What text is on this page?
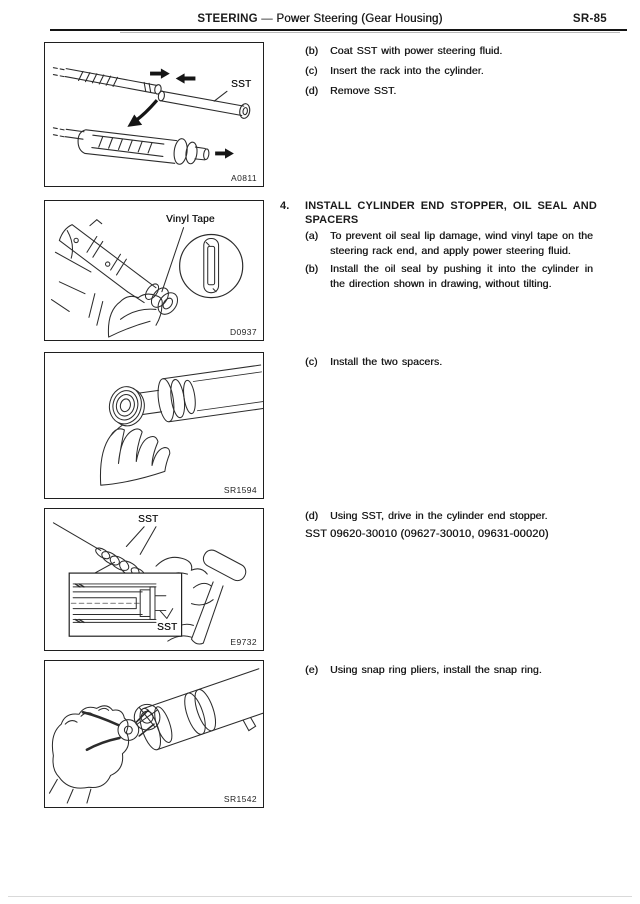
STEERING — Power Steering (Gear Housing)	SR-85
SST
A0811
Vinyl Tape
D0937
SR1594
SST
SST
E9732
SR1542
(b)	Coat SST with power steering fluid.
(c)	Insert the rack into the cylinder.
(d)	Remove SST.
4.	INSTALL CYLINDER END STOPPER, OIL SEAL AND SPACERS
(a)	To prevent oil seal lip damage, wind vinyl tape on the steering rack end, and apply power steering fluid.
(b)	Install the oil seal by pushing it into the cylinder in the direction shown in drawing, without tilting.
(c)	Install the two spacers.
(d)	Using SST, drive in the cylinder end stopper.
SST 09620-30010 (09627-30010, 09631-00020)
(e)	Using snap ring pliers, install the snap ring.
